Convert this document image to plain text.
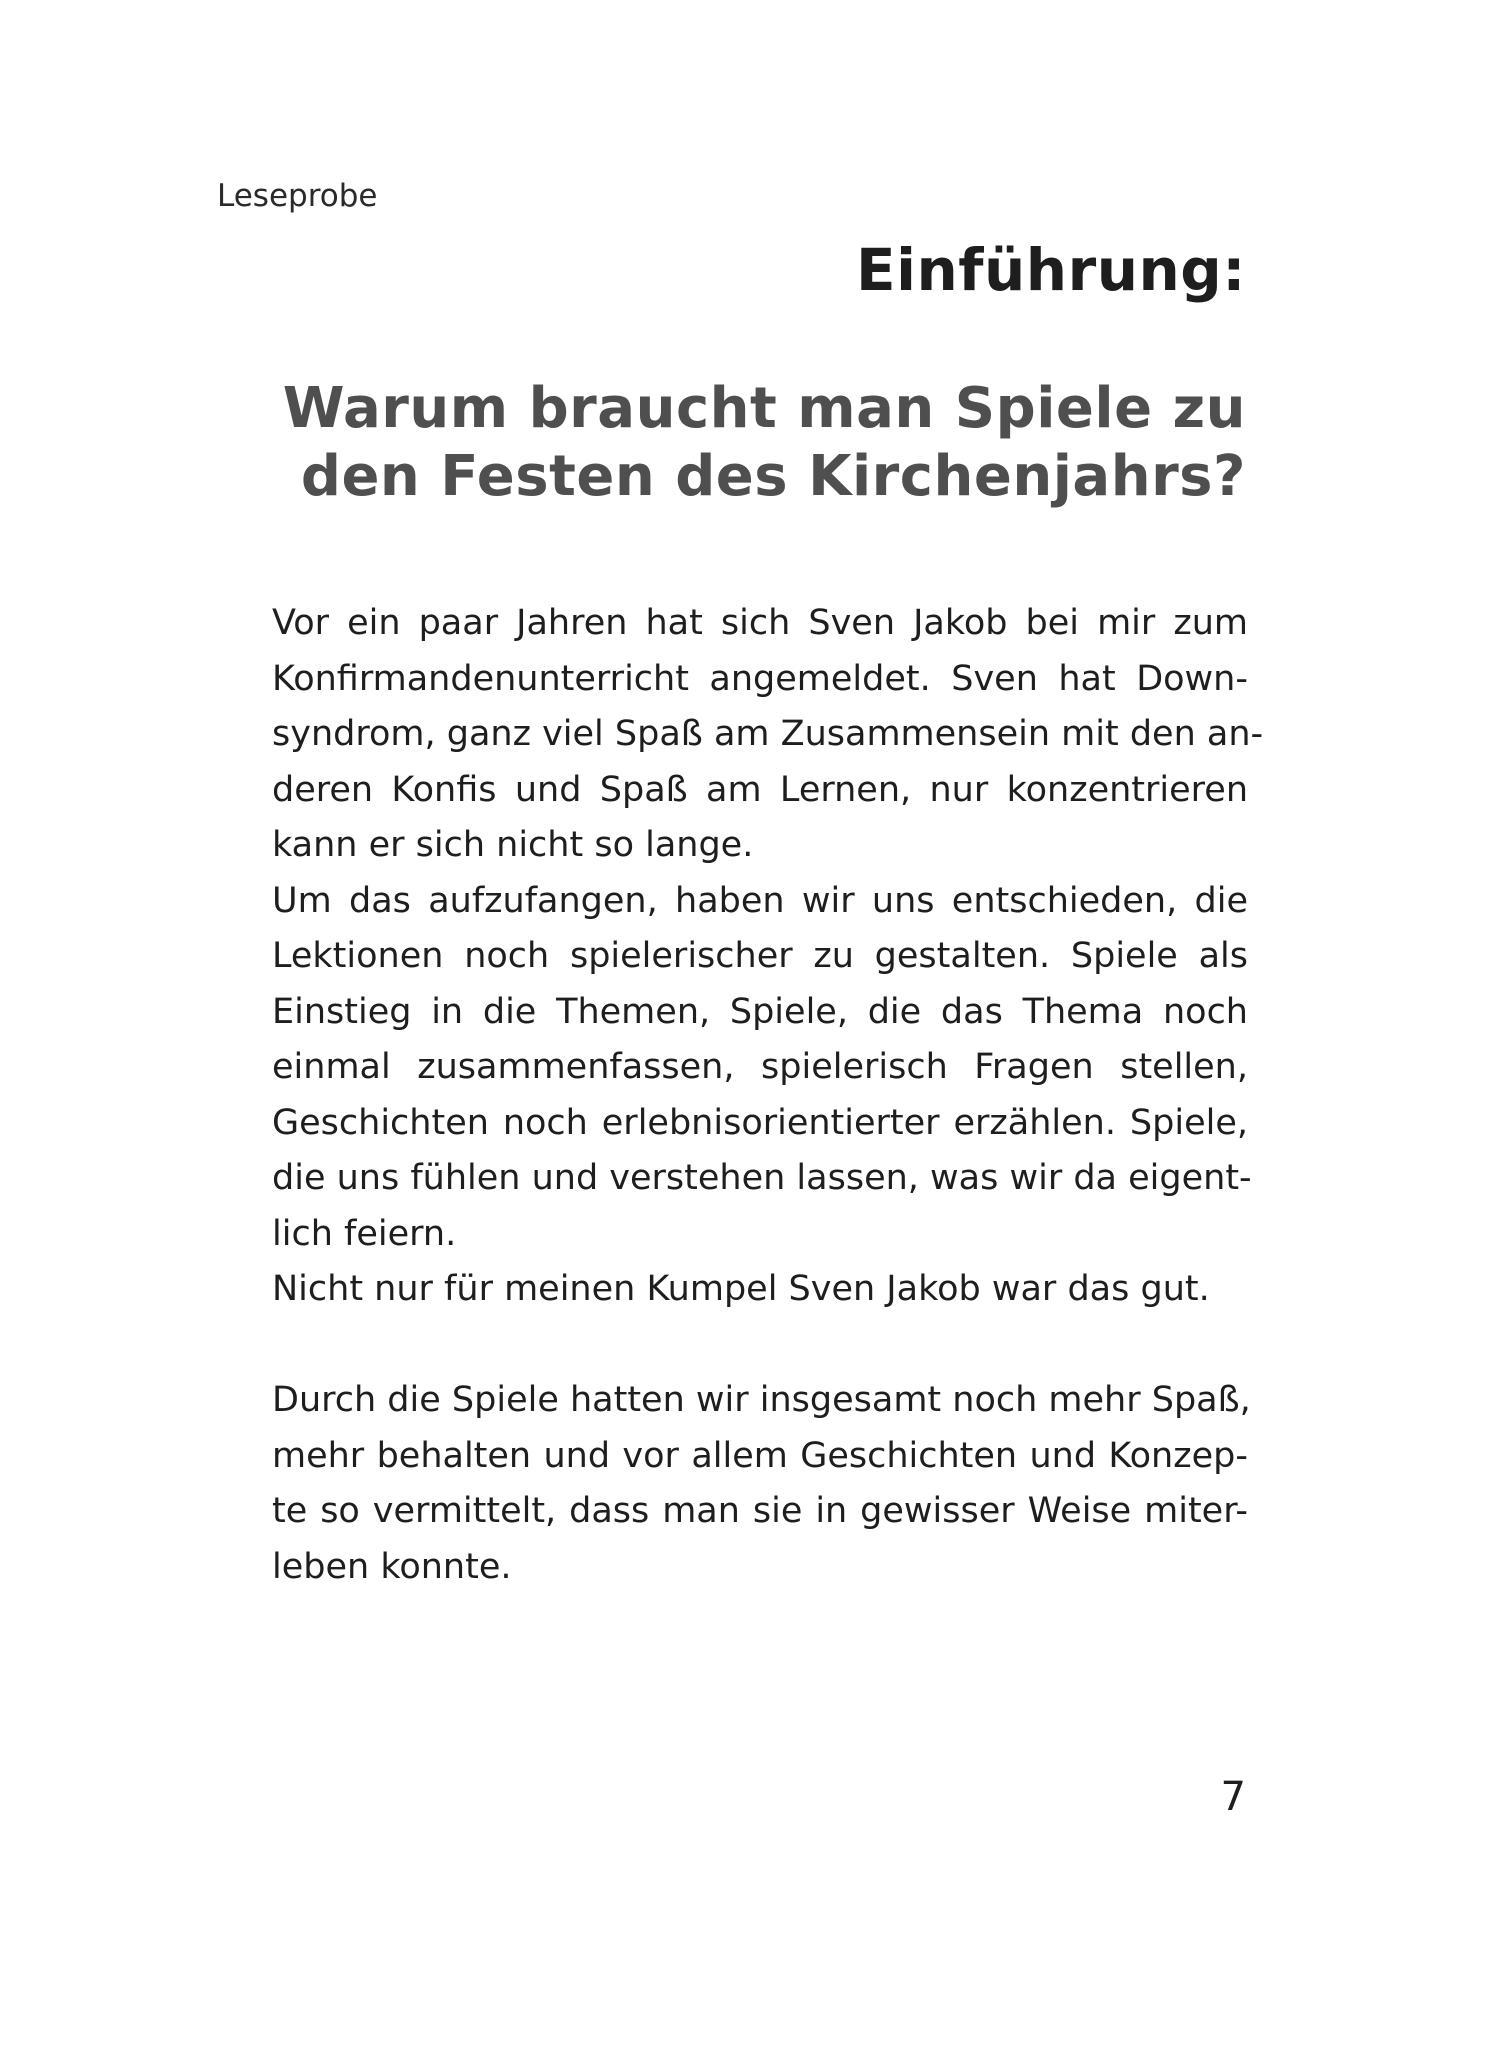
Leseprobe

Einführung:
Warum braucht man Spiele zu
den Festen des Kirchenjahrs?
Vor ein paar Jahren hat sich Sven Jakob bei mir zum
Konfirmandenunterricht angemeldet. Sven hat Down-
syndrom, ganz viel Spaß am Zusammensein mit den an-
deren Konfis und Spaß am Lernen, nur konzentrieren
kann er sich nicht so lange.
Um das aufzufangen, haben wir uns entschieden, die
Lektionen noch spielerischer zu gestalten. Spiele als
Einstieg in die Themen, Spiele, die das Thema noch
einmal zusammenfassen, spielerisch Fragen stellen,
Geschichten noch erlebnisorientierter erzählen. Spiele,
die uns fühlen und verstehen lassen, was wir da eigent-
lich feiern.
Nicht nur für meinen Kumpel Sven Jakob war das gut.
Durch die Spiele hatten wir insgesamt noch mehr Spaß,
mehr behalten und vor allem Geschichten und Konzep-
te so vermittelt, dass man sie in gewisser Weise miter-
leben konnte.

7
